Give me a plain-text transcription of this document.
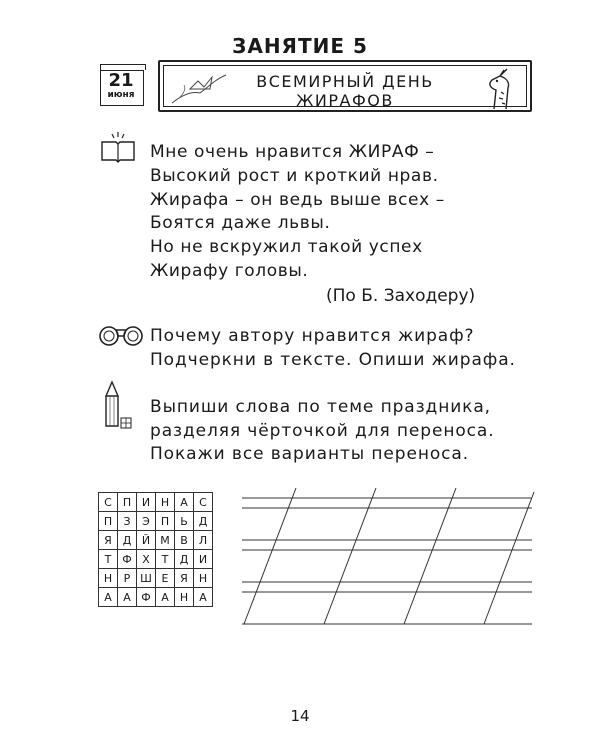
ЗАНЯТИЕ 5
21
июня
ВСЕМИРНЫЙ ДЕНЬ
ЖИРАФОВ
Мне очень нравится ЖИРАФ –
Высокий рост и кроткий нрав.
Жирафа – он ведь выше всех –
Боятся даже львы.
Но не вскружил такой успех
Жирафу головы.
(По Б. Заходеру)
Почему автору нравится жираф?
Подчеркни в тексте. Опиши жирафа.
Выпиши слова по теме праздника,
разделяя чёрточкой для переноса.
Покажи все варианты переноса.
С	П	И	Н	А	С
П	З	Э	П	Ь	Д
Я	Д	Й	М	В	Л
Т	Ф	Х	Т	Д	И
Н	Р	Ш	Е	Я	Н
А	А	Ф	А	Н	А
14
